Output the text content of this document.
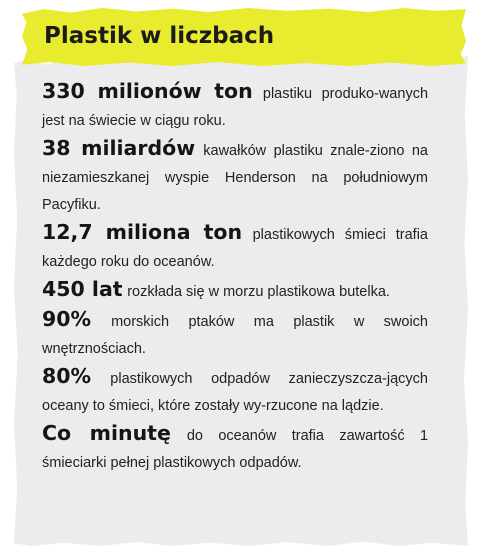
Plastik w liczbach

330 milionów ton plastiku produko-wanych jest na świecie w ciągu roku.

38 miliardów kawałków plastiku znale-ziono na niezamieszkanej wyspie Henderson na południowym Pacyfiku.

12,7 miliona ton plastikowych śmieci trafia każdego roku do oceanów.

450 lat rozkłada się w morzu plastikowa butelka.

90% morskich ptaków ma plastik w swoich wnętrznościach.

80% plastikowych odpadów zanieczyszcza-jących oceany to śmieci, które zostały wy-rzucone na lądzie.

Co minutę do oceanów trafia zawartość 1 śmieciarki pełnej plastikowych odpadów.
